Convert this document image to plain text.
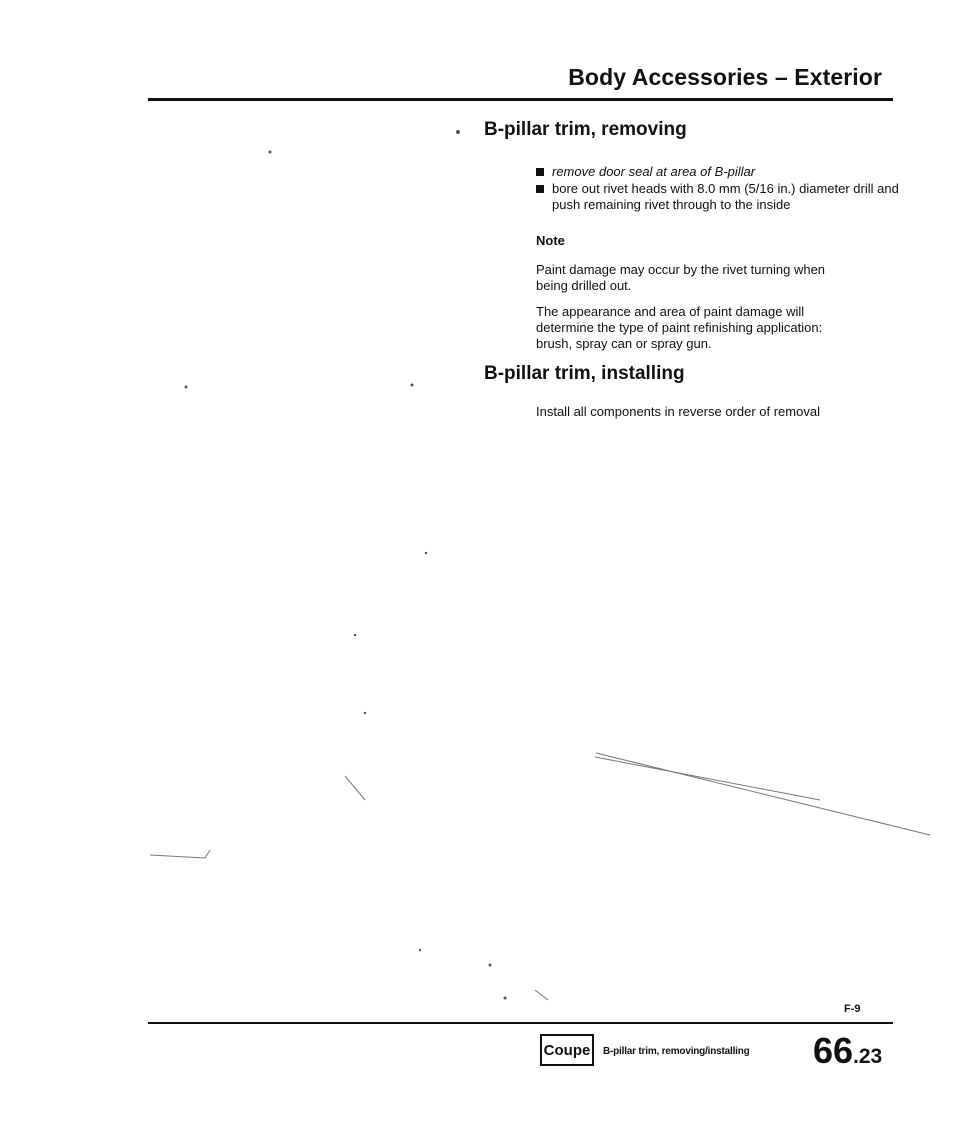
Body Accessories – Exterior
B-pillar trim, removing
remove door seal at area of B-pillar
bore out rivet heads with 8.0 mm (5/16 in.) diameter drill and push remaining rivet through to the inside
Note

Paint damage may occur by the rivet turning when being drilled out.

The appearance and area of paint damage will determine the type of paint refinishing application: brush, spray can or spray gun.

B-pillar trim, installing
Install all components in reverse order of removal
F-9
Coupe	B-pillar trim, removing/installing 66.23
